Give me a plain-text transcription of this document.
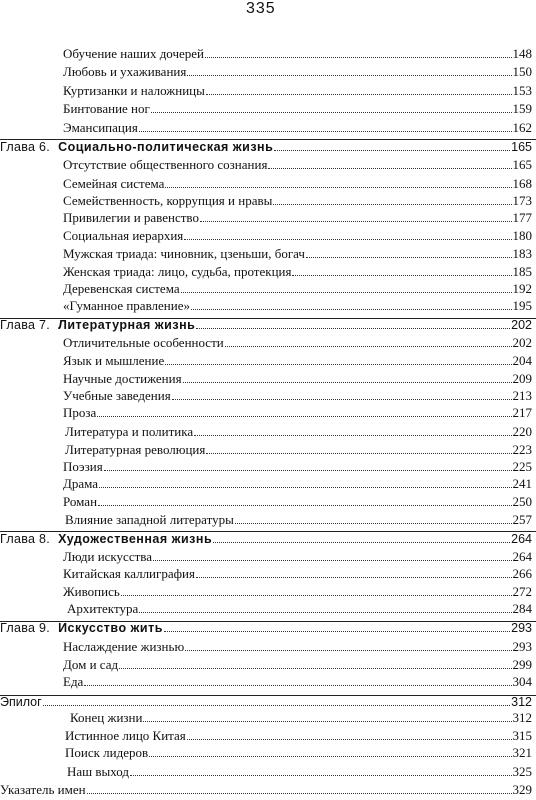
335
Обучение наших дочерей	148
Любовь и ухаживания	150
Куртизанки и наложницы	153
Бинтование ног	159
Эмансипация	162
Глава 6. Социально-политическая жизнь	165
Отсутствие общественного сознания	165
Семейная система	168
Семейственность, коррупция и нравы	173
Привилегии и равенство	177
Социальная иерархия	180
Мужская триада: чиновник, цзеньши, богач	183
Женская триада: лицо, судьба, протекция	185
Деревенская система	192
«Гуманное правление»	195
Глава 7. Литературная жизнь	202
Отличительные особенности	202
Язык и мышление	204
Научные достижения	209
Учебные заведения	213
Проза	217
Литература и политика	220
Литературная революция	223
Поэзия	225
Драма	241
Роман	250
Влияние западной литературы	257
Глава 8. Художественная жизнь	264
Люди искусства	264
Китайская каллиграфия	266
Живопись	272
Архитектура	284
Глава 9. Искусство жить	293
Наслаждение жизнью	293
Дом и сад	299
Еда	304
Эпилог	312
Конец жизни	312
Истинное лицо Китая	315
Поиск лидеров	321
Наш выход	325
Указатель имен	329
